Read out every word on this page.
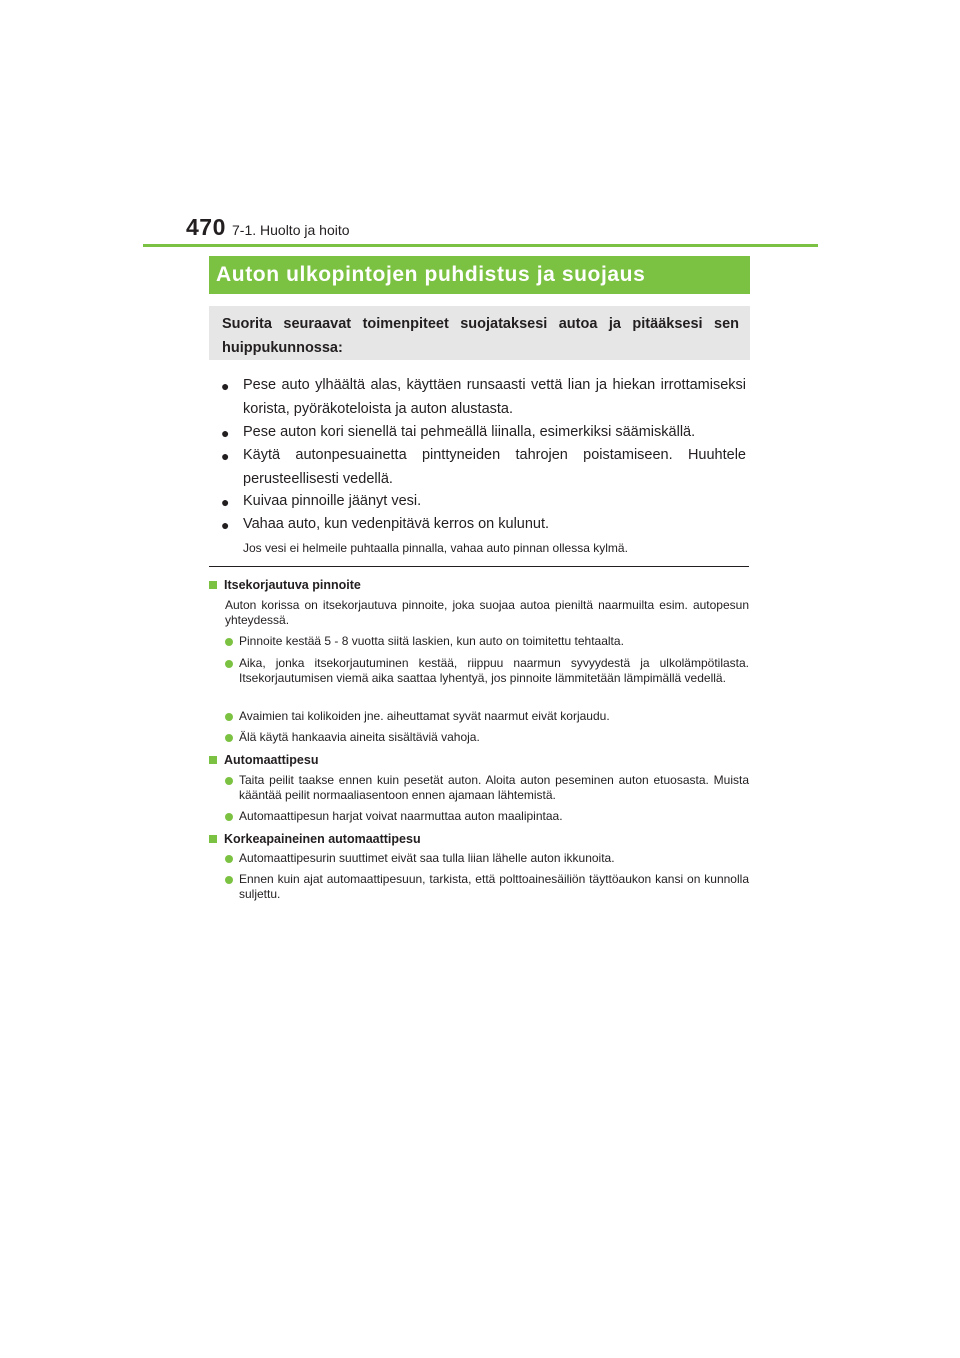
470 7-1. Huolto ja hoito
Auton ulkopintojen puhdistus ja suojaus
Suorita seuraavat toimenpiteet suojataksesi autoa ja pitääksesi sen huippukunnossa:
● Pese auto ylhäältä alas, käyttäen runsaasti vettä lian ja hiekan irrottamiseksi korista, pyöräkoteloista ja auton alustasta.
● Pese auton kori sienellä tai pehmeällä liinalla, esimerkiksi säämiskällä.
● Käytä autonpesuainetta pinttyneiden tahrojen poistamiseen. Huuhtele perusteellisesti vedellä.
● Kuivaa pinnoille jäänyt vesi.
● Vahaa auto, kun vedenpitävä kerros on kulunut.
Jos vesi ei helmeile puhtaalla pinnalla, vahaa auto pinnan ollessa kylmä.
Itsekorjautuva pinnoite
Auton korissa on itsekorjautuva pinnoite, joka suojaa autoa pieniltä naarmuilta esim. autopesun yhteydessä.
Pinnoite kestää 5 - 8 vuotta siitä laskien, kun auto on toimitettu tehtaalta.
Aika, jonka itsekorjautuminen kestää, riippuu naarmun syvyydestä ja ulkolämpötilasta. Itsekorjautumisen viemä aika saattaa lyhentyä, jos pinnoite lämmitetään lämpimällä vedellä.
Avaimien tai kolikoiden jne. aiheuttamat syvät naarmut eivät korjaudu.
Älä käytä hankaavia aineita sisältäviä vahoja.
Automaattipesu
Taita peilit taakse ennen kuin pesetät auton. Aloita auton peseminen auton etuosasta. Muista kääntää peilit normaaliasentoon ennen ajamaan lähtemistä.
Automaattipesun harjat voivat naarmuttaa auton maalipintaa.
Korkeapaineinen automaattipesu
Automaattipesurin suuttimet eivät saa tulla liian lähelle auton ikkunoita.
Ennen kuin ajat automaattipesuun, tarkista, että polttoainesäiliön täyttöaukon kansi on kunnolla suljettu.
